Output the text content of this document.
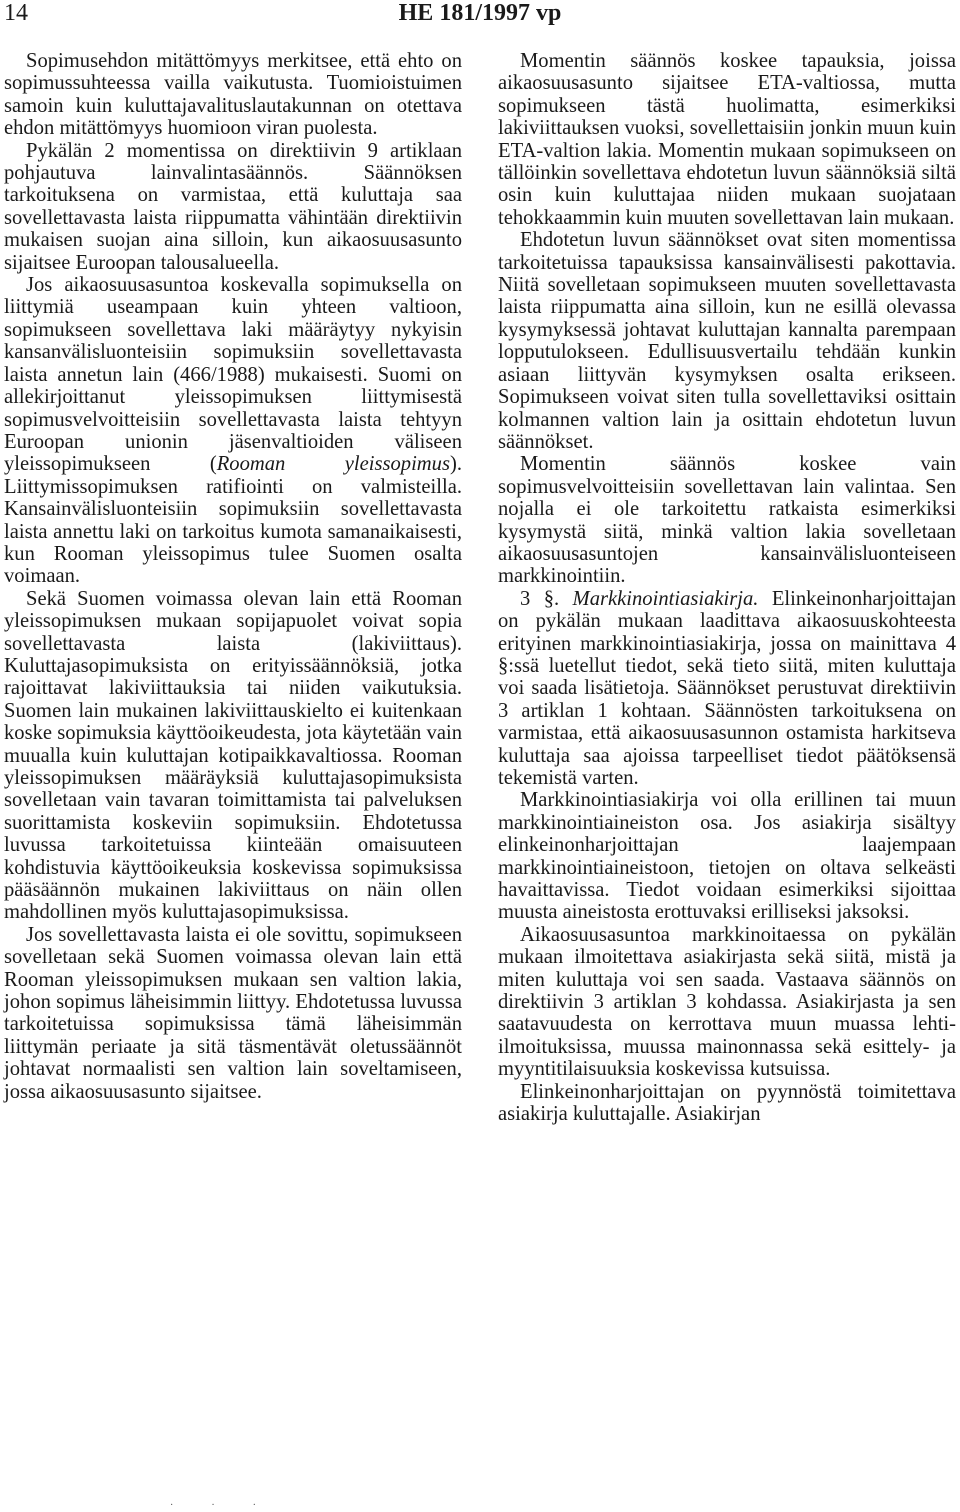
14	HE 181/1997 vp

Sopimusehdon mitättömyys merkitsee, että ehto on sopimussuhteessa vailla vaikutusta. Tuomioistuimen samoin kuin kuluttajavalituslautakunnan on otettava ehdon mitättömyys huomioon viran puolesta.

Pykälän 2 momentissa on direktiivin 9 artiklaan pohjautuva lainvalintasäännös. Säännöksen tarkoituksena on varmistaa, että kuluttaja saa sovellettavasta laista riippumatta vähintään direktiivin mukaisen suojan aina silloin, kun aikaosuusasunto sijaitsee Euroopan talousalueella.

Jos aikaosuusasuntoa koskevalla sopimuksella on liittymiä useampaan kuin yhteen valtioon, sopimukseen sovellettava laki määräytyy nykyisin kansanvälisluonteisiin sopimuksiin sovellettavasta laista annetun lain (466/1988) mukaisesti. Suomi on allekirjoittanut yleissopimuksen liittymisestä sopimusvelvoitteisiin sovellettavasta laista tehtyyn Euroopan unionin jäsenvaltioiden väliseen yleissopimukseen (Rooman yleissopimus). Liittymissopimuksen ratifiointi on valmisteilla. Kansainvälisluonteisiin sopimuksiin sovellettavasta laista annettu laki on tarkoitus kumota samanaikaisesti, kun Rooman yleissopimus tulee Suomen osalta voimaan.

Sekä Suomen voimassa olevan lain että Rooman yleissopimuksen mukaan sopijapuolet voivat sopia sovellettavasta laista (lakiviittaus). Kuluttajasopimuksista on erityissäännöksiä, jotka rajoittavat lakiviittauksia tai niiden vaikutuksia. Suomen lain mukainen lakiviittauskielto ei kuitenkaan koske sopimuksia käyttöoikeudesta, jota käytetään vain muualla kuin kuluttajan kotipaikkavaltiossa. Rooman yleissopimuksen määräyksiä kuluttajasopimuksista sovelletaan vain tavaran toimittamista tai palveluksen suorittamista koskeviin sopimuksiin. Ehdotetussa luvussa tarkoitetuissa kiinteään omaisuuteen kohdistuvia käyttöoikeuksia koskevissa sopimuksissa pääsäännön mukainen lakiviittaus on näin ollen mahdollinen myös kuluttajasopimuksissa.

Jos sovellettavasta laista ei ole sovittu, sopimukseen sovelletaan sekä Suomen voimassa olevan lain että Rooman yleissopimuksen mukaan sen valtion lakia, johon sopimus läheisimmin liittyy. Ehdotetussa luvussa tarkoitetuissa sopimuksissa tämä läheisimmän liittymän periaate ja sitä täsmentävät oletussäännöt johtavat normaalisti sen valtion lain soveltamiseen, jossa aikaosuusasunto sijaitsee.

Momentin säännös koskee tapauksia, joissa aikaosuusasunto sijaitsee ETA-valtiossa, mutta sopimukseen tästä huolimatta, esimerkiksi lakiviittauksen vuoksi, sovellettaisiin jonkin muun kuin ETA-valtion lakia. Momentin mukaan sopimukseen on tällöinkin sovellettava ehdotetun luvun säännöksiä siltä osin kuin kuluttajaa niiden mukaan suojataan tehokkaammin kuin muuten sovellettavan lain mukaan.

Ehdotetun luvun säännökset ovat siten momentissa tarkoitetuissa tapauksissa kansainvälisesti pakottavia. Niitä sovelletaan sopimukseen muuten sovellettavasta laista riippumatta aina silloin, kun ne esillä olevassa kysymyksessä johtavat kuluttajan kannalta parempaan lopputulokseen. Edullisuusvertailu tehdään kunkin asiaan liittyvän kysymyksen osalta erikseen. Sopimukseen voivat siten tulla sovellettaviksi osittain kolmannen valtion lain ja osittain ehdotetun luvun säännökset.

Momentin säännös koskee vain sopimusvelvoitteisiin sovellettavan lain valintaa. Sen nojalla ei ole tarkoitettu ratkaista esimerkiksi kysymystä siitä, minkä valtion lakia sovelletaan aikaosuusasuntojen kansainvälisluonteiseen markkinointiin.

3 §. Markkinointiasiakirja. Elinkeinonharjoittajan on pykälän mukaan laadittava aikaosuuskohteesta erityinen markkinointiasiakirja, jossa on mainittava 4 §:ssä luetellut tiedot, sekä tieto siitä, miten kuluttaja voi saada lisätietoja. Säännökset perustuvat direktiivin 3 artiklan 1 kohtaan. Säännösten tarkoituksena on varmistaa, että aikaosuusasunnon ostamista harkitseva kuluttaja saa ajoissa tarpeelliset tiedot päätöksensä tekemistä varten.

Markkinointiasiakirja voi olla erillinen tai muun markkinointiaineiston osa. Jos asiakirja sisältyy elinkeinonharjoittajan laajempaan markkinointiaineistoon, tietojen on oltava selkeästi havaittavissa. Tiedot voidaan esimerkiksi sijoittaa muusta aineistosta erottuvaksi erilliseksi jaksoksi.

Aikaosuusasuntoa markkinoitaessa on pykälän mukaan ilmoitettava asiakirjasta sekä siitä, mistä ja miten kuluttaja voi sen saada. Vastaava säännös on direktiivin 3 artiklan 3 kohdassa. Asiakirjasta ja sen saatavuudesta on kerrottava muun muassa lehti-ilmoituksissa, muussa mainonnassa sekä esittely- ja myyntitilaisuuksia koskevissa kutsuissa.

Elinkeinonharjoittajan on pyynnöstä toimitettava asiakirja kuluttajalle. Asiakirjan

·        ·        ·
